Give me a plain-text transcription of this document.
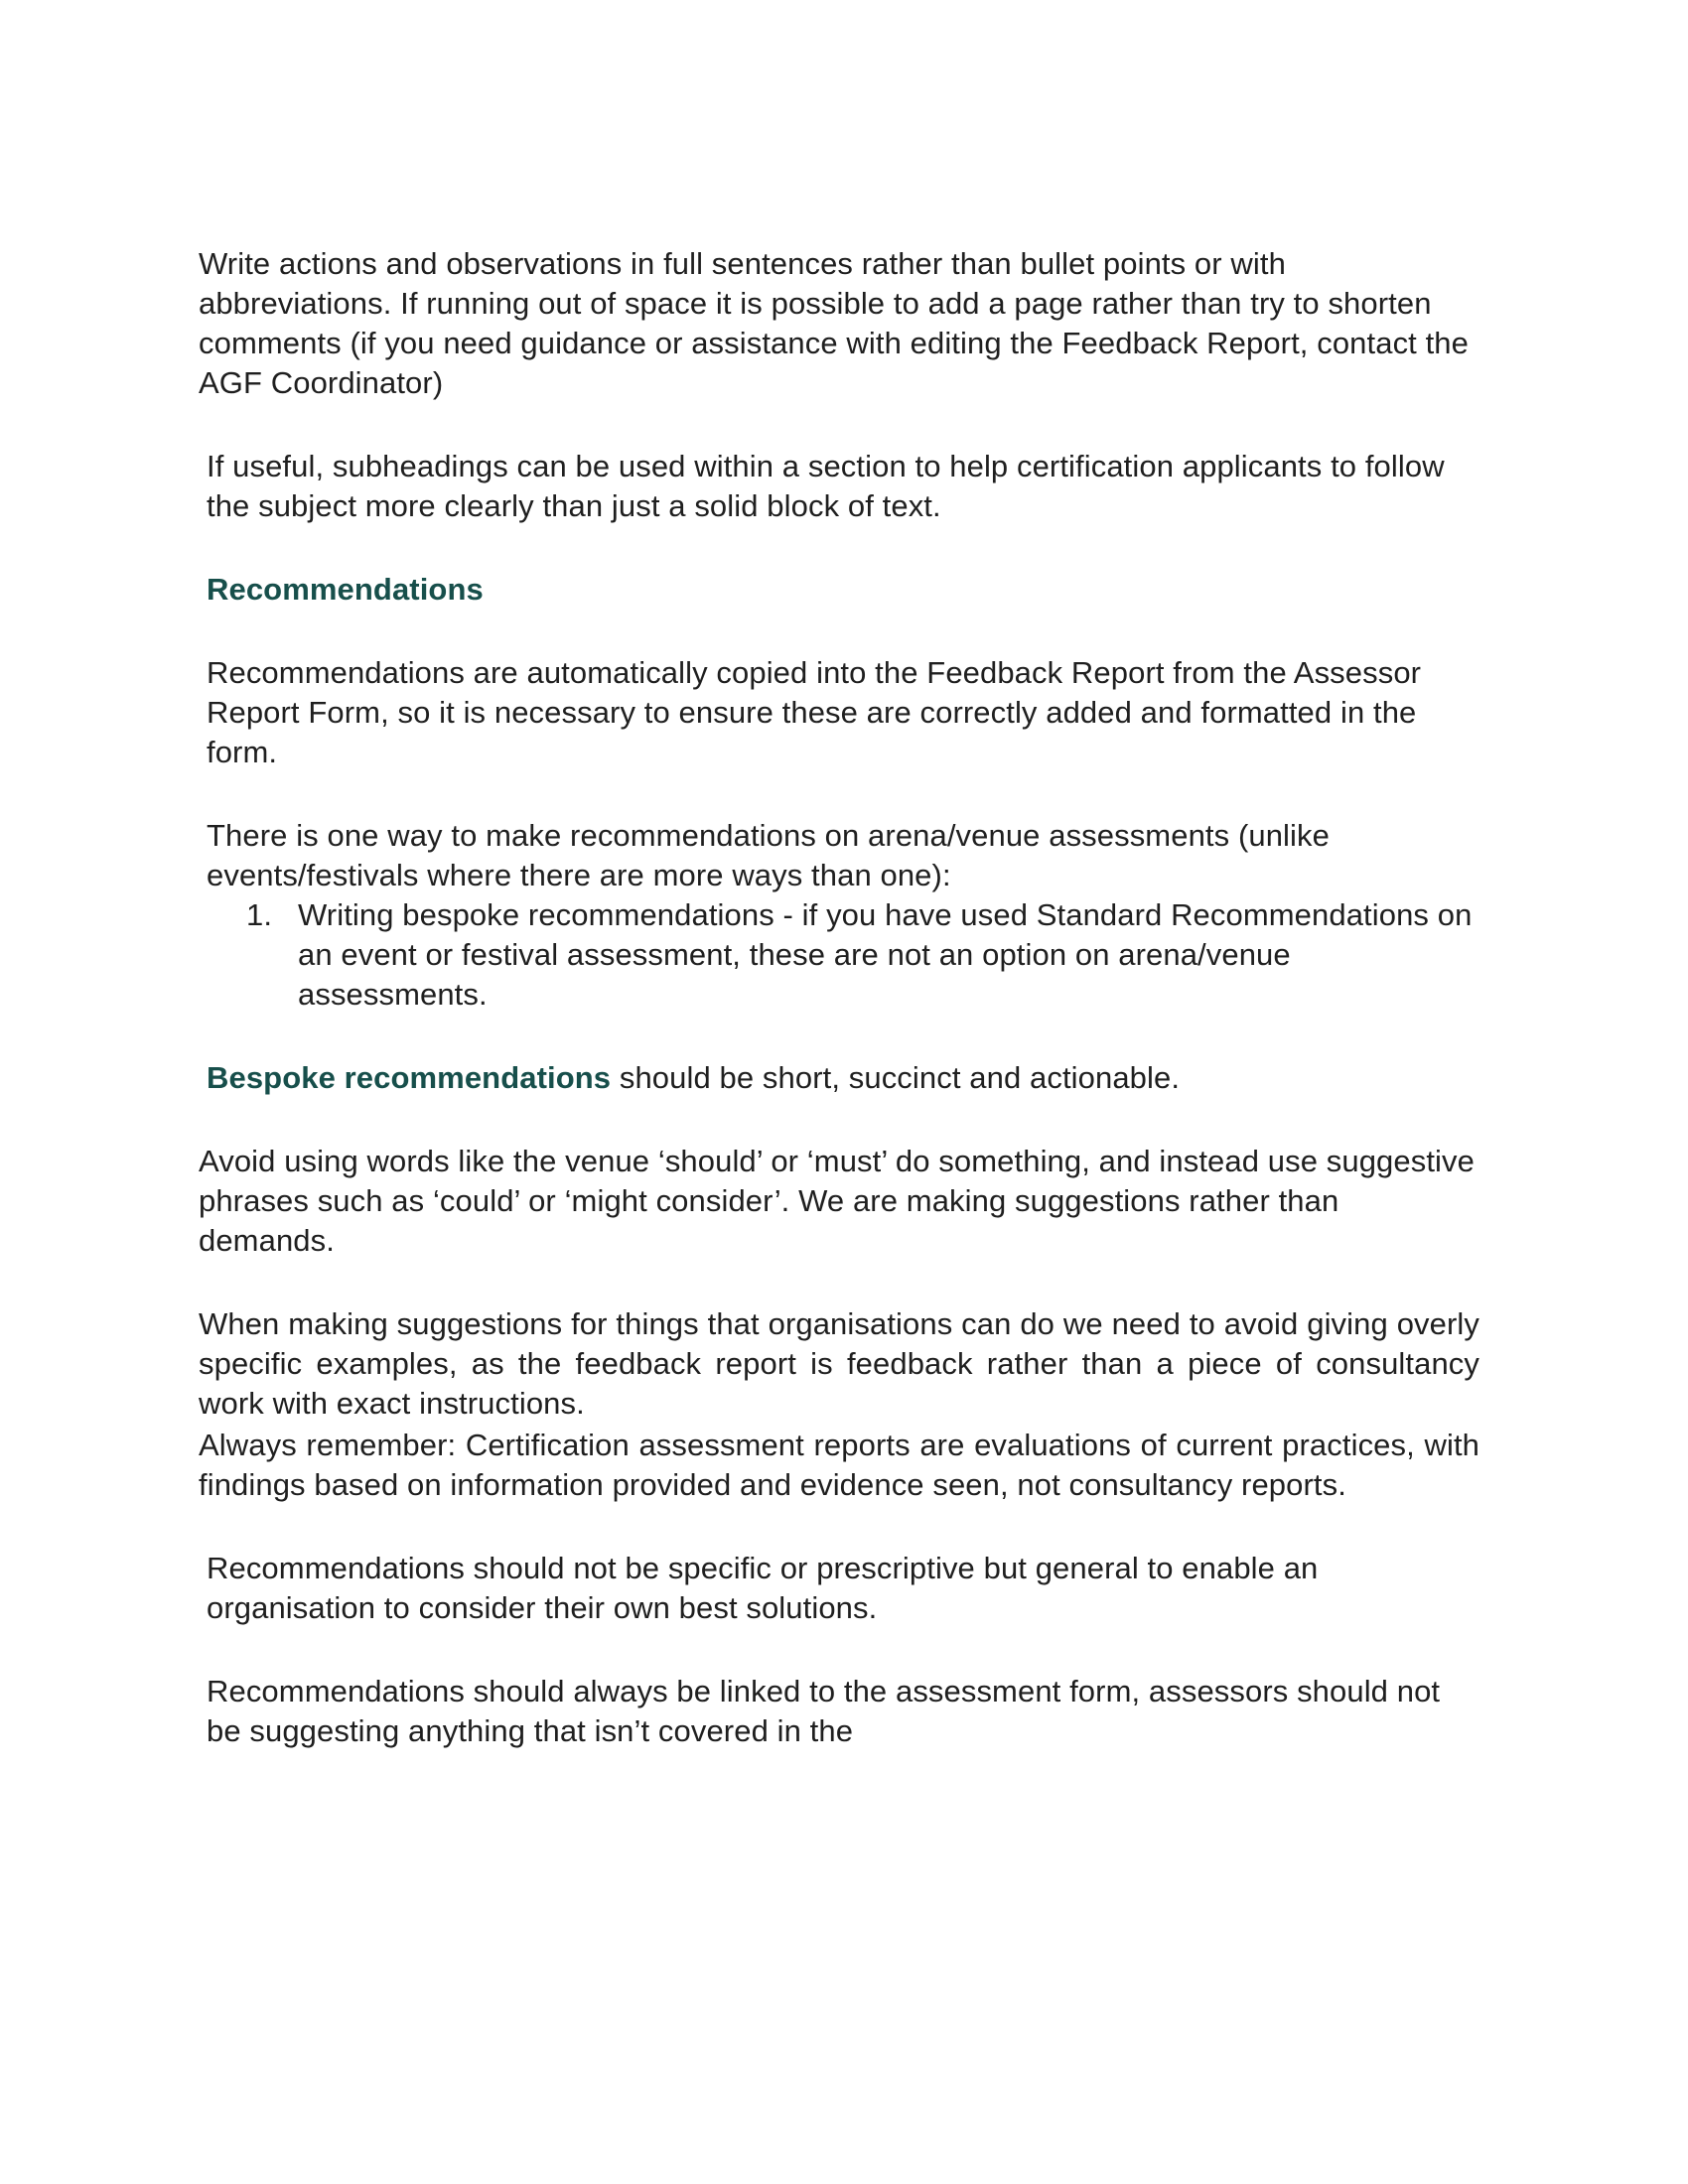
Write actions and observations in full sentences rather than bullet points or with abbreviations. If running out of space it is possible to add a page rather than try to shorten comments (if you need guidance or assistance with editing the Feedback Report, contact the AGF Coordinator)

If useful, subheadings can be used within a section to help certification applicants to follow the subject more clearly than just a solid block of text.

Recommendations

Recommendations are automatically copied into the Feedback Report from the Assessor Report Form, so it is necessary to ensure these are correctly added and formatted in the form.

There is one way to make recommendations on arena/venue assessments (unlike events/festivals where there are more ways than one):

1. Writing bespoke recommendations - if you have used Standard Recommendations on an event or festival assessment, these are not an option on arena/venue assessments.

Bespoke recommendations should be short, succinct and actionable.

Avoid using words like the venue ‘should’ or ‘must’ do something, and instead use suggestive phrases such as ‘could’ or ‘might consider’. We are making suggestions rather than demands.

When making suggestions for things that organisations can do we need to avoid giving overly specific examples, as the feedback report is feedback rather than a piece of consultancy work with exact instructions.

Always remember: Certification assessment reports are evaluations of current practices, with findings based on information provided and evidence seen, not consultancy reports.

Recommendations should not be specific or prescriptive but general to enable an organisation to consider their own best solutions.

Recommendations should always be linked to the assessment form, assessors should not be suggesting anything that isn’t covered in the
